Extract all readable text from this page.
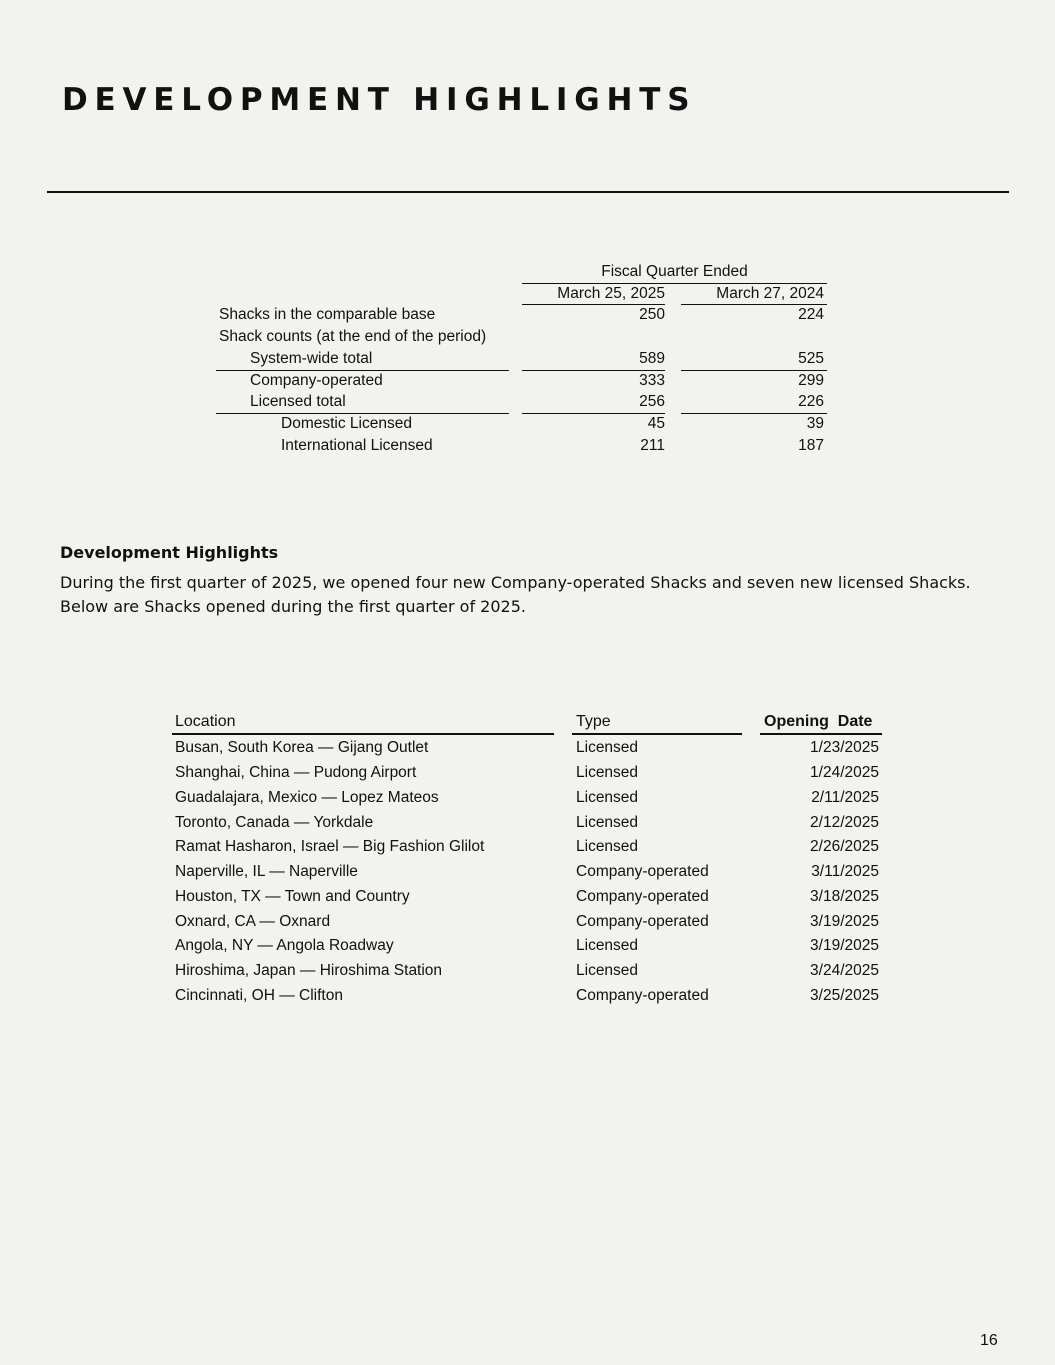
DEVELOPMENT HIGHLIGHTS
Fiscal Quarter Ended
March 25, 2025	March 27, 2024
Shacks in the comparable base	250	224
Shack counts (at the end of the period)
System-wide total	589	525
Company-operated	333	299
Licensed total	256	226
Domestic Licensed	45	39
International Licensed	211	187
Development Highlights
During the first quarter of 2025, we opened four new Company-operated Shacks and seven new licensed Shacks. Below are Shacks opened during the first quarter of 2025.
Location	Type	Opening  Date
Busan, South Korea — Gijang Outlet	Licensed	1/23/2025
Shanghai, China — Pudong Airport	Licensed	1/24/2025
Guadalajara, Mexico — Lopez Mateos	Licensed	2/11/2025
Toronto, Canada — Yorkdale	Licensed	2/12/2025
Ramat Hasharon, Israel — Big Fashion Glilot	Licensed	2/26/2025
Naperville, IL — Naperville	Company-operated	3/11/2025
Houston, TX — Town and Country	Company-operated	3/18/2025
Oxnard, CA — Oxnard	Company-operated	3/19/2025
Angola, NY — Angola Roadway	Licensed	3/19/2025
Hiroshima, Japan — Hiroshima Station	Licensed	3/24/2025
Cincinnati, OH — Clifton	Company-operated	3/25/2025
16
